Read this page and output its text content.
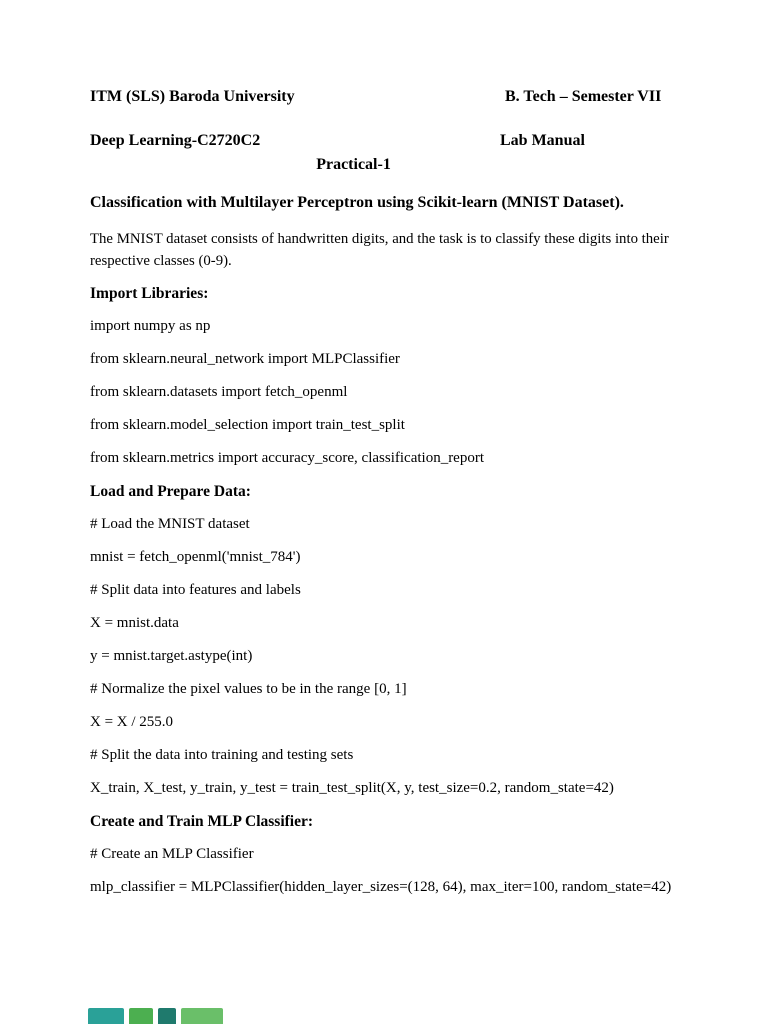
ITM (SLS) Baroda University	B. Tech – Semester VII
Deep Learning-C2720C2	Lab Manual

Practical-1

Classification with Multilayer Perceptron using Scikit-learn (MNIST Dataset).

The MNIST dataset consists of handwritten digits, and the task is to classify these digits into their respective classes (0-9).

Import Libraries:

import numpy as np

from sklearn.neural_network import MLPClassifier

from sklearn.datasets import fetch_openml

from sklearn.model_selection import train_test_split

from sklearn.metrics import accuracy_score, classification_report

Load and Prepare Data:

# Load the MNIST dataset

mnist = fetch_openml('mnist_784')

# Split data into features and labels

X = mnist.data

y = mnist.target.astype(int)

# Normalize the pixel values to be in the range [0, 1]

X = X / 255.0

# Split the data into training and testing sets

X_train, X_test, y_train, y_test = train_test_split(X, y, test_size=0.2, random_state=42)

Create and Train MLP Classifier:

# Create an MLP Classifier

mlp_classifier = MLPClassifier(hidden_layer_sizes=(128, 64), max_iter=100, random_state=42)
